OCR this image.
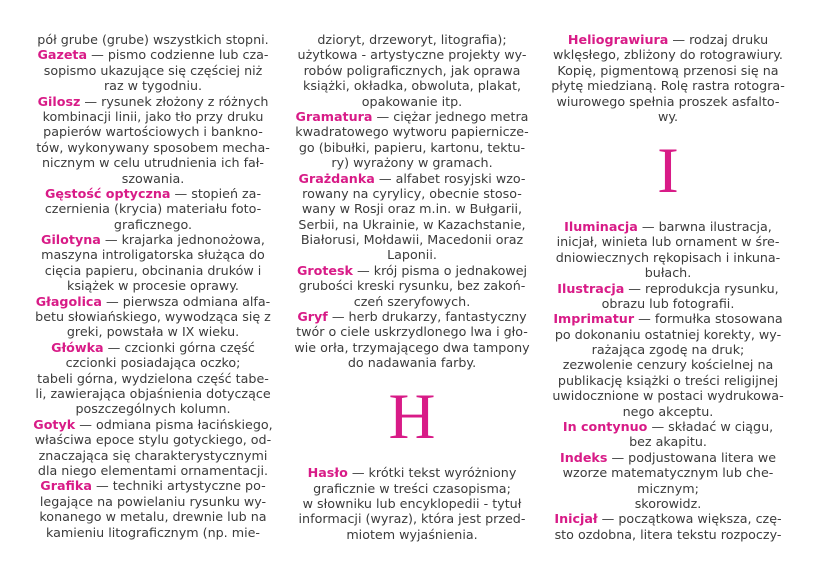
pół grube (grube) wszystkich stopni.
Gazeta — pismo codzienne lub cza-
sopismo ukazujące się częściej niż
raz w tygodniu.
Gilosz — rysunek złożony z różnych
kombinacji linii, jako tło przy druku
papierów wartościowych i bankno-
tów, wykonywany sposobem mecha-
nicznym w celu utrudnienia ich fał-
szowania.
Gęstość optyczna — stopień za-
czernienia (krycia) materiału foto-
graficznego.
Gilotyna — krajarka jednonożowa,
maszyna introligatorska służąca do
cięcia papieru, obcinania druków i
książek w procesie oprawy.
Głagolica — pierwsza odmiana alfa-
betu słowiańskiego, wywodząca się z
greki, powstała w IX wieku.
Główka — czcionki górna część
czcionki posiadająca oczko;
tabeli górna, wydzielona część tabe-
li, zawierająca objaśnienia dotyczące
poszczególnych kolumn.
Gotyk — odmiana pisma łacińskiego,
właściwa epoce stylu gotyckiego, od-
znaczająca się charakterystycznymi
dla niego elementami ornamentacji.
Grafika — techniki artystyczne po-
legające na powielaniu rysunku wy-
konanego w metalu, drewnie lub na
kamieniu litograficznym (np. mie-
dzioryt, drzeworyt, litografia);
użytkowa - artystyczne projekty wy-
robów poligraficznych, jak oprawa
książki, okładka, obwoluta, plakat,
opakowanie itp.
Gramatura — ciężar jednego metra
kwadratowego wytworu papiernicze-
go (bibułki, papieru, kartonu, tektu-
ry) wyrażony w gramach.
Grażdanka — alfabet rosyjski wzo-
rowany na cyrylicy, obecnie stoso-
wany w Rosji oraz m.in. w Bułgarii,
Serbii, na Ukrainie, w Kazachstanie,
Białorusi, Mołdawii, Macedonii oraz
Laponii.
Grotesk — krój pisma o jednakowej
grubości kreski rysunku, bez zakoń-
czeń szeryfowych.
Gryf — herb drukarzy, fantastyczny
twór o ciele uskrzydlonego lwa i gło-
wie orła, trzymającego dwa tampony
do nadawania farby.
H
Hasło — krótki tekst wyróżniony
graficznie w treści czasopisma;
w słowniku lub encyklopedii - tytuł
informacji (wyraz), która jest przed-
miotem wyjaśnienia.
Heliograwiura — rodzaj druku
wklęsłego, zbliżony do rotograwiury.
Kopię, pigmentową przenosi się na
płytę miedzianą. Rolę rastra rotogra-
wiurowego spełnia proszek asfalto-
wy.
I
Iluminacja — barwna ilustracja,
inicjał, winieta lub ornament w śre-
dniowiecznych rękopisach i inkuna-
bułach.
Ilustracja — reprodukcja rysunku,
obrazu lub fotografii.
Imprimatur — formułka stosowana
po dokonaniu ostatniej korekty, wy-
rażająca zgodę na druk;
zezwolenie cenzury kościelnej na
publikację książki o treści religijnej
uwidocznione w postaci wydrukowa-
nego akceptu.
In contynuo — składać w ciągu,
bez akapitu.
Indeks — podjustowana litera we
wzorze matematycznym lub che-
micznym;
skorowidz.
Inicjał — początkowa większa, czę-
sto ozdobna, litera tekstu rozpoczy-
